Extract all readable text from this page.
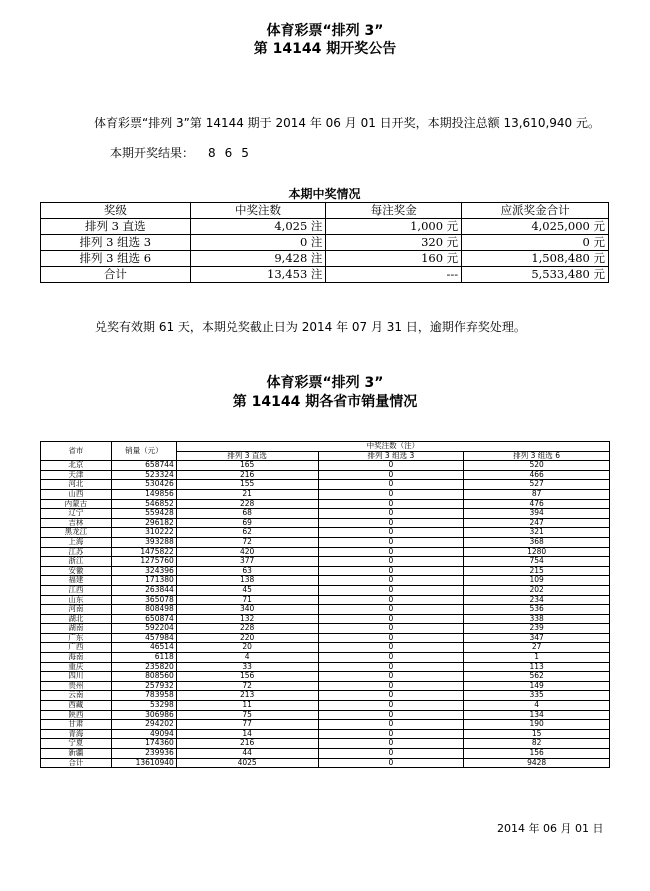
体育彩票“排列 3”
第 14144 期开奖公告
体育彩票“排列 3”第 14144 期于 2014 年 06 月 01 日开奖，本期投注总额 13,610,940 元。
本期开奖结果： 865
本期中奖情况
奖级	中奖注数	每注奖金	应派奖金合计
排列 3 直选	4,025 注	1,000 元	4,025,000 元
排列 3 组选 3	0 注	320 元	0 元
排列 3 组选 6	9,428 注	160 元	1,508,480 元
合计	13,453 注	---	5,533,480 元
兑奖有效期 61 天，本期兑奖截止日为 2014 年 07 月 31 日，逾期作弃奖处理。
体育彩票“排列 3”
第 14144 期各省市销量情况
省市	销量（元）	中奖注数（注）		
		排列 3 直选	排列 3 组选 3	排列 3 组选 6
北京	658744	165	0	520
天津	523324	216	0	466
河北	530426	155	0	527
山西	149856	21	0	87
内蒙古	546852	228	0	476
辽宁	559428	68	0	394
吉林	296182	69	0	247
黑龙江	310222	62	0	321
上海	393288	72	0	368
江苏	1475822	420	0	1280
浙江	1275760	377	0	754
安徽	324396	63	0	215
福建	171380	138	0	109
江西	263844	45	0	202
山东	365078	71	0	234
河南	808498	340	0	536
湖北	650874	132	0	338
湖南	592204	228	0	239
广东	457984	220	0	347
广西	46514	20	0	27
海南	6118	4	0	1
重庆	235820	33	0	113
四川	808560	156	0	562
贵州	257932	72	0	149
云南	783958	213	0	335
西藏	53298	11	0	4
陕西	306986	75	0	134
甘肃	294202	77	0	190
青海	49094	14	0	15
宁夏	174360	216	0	82
新疆	239936	44	0	156
合计	13610940	4025	0	9428
2014 年 06 月 01 日
